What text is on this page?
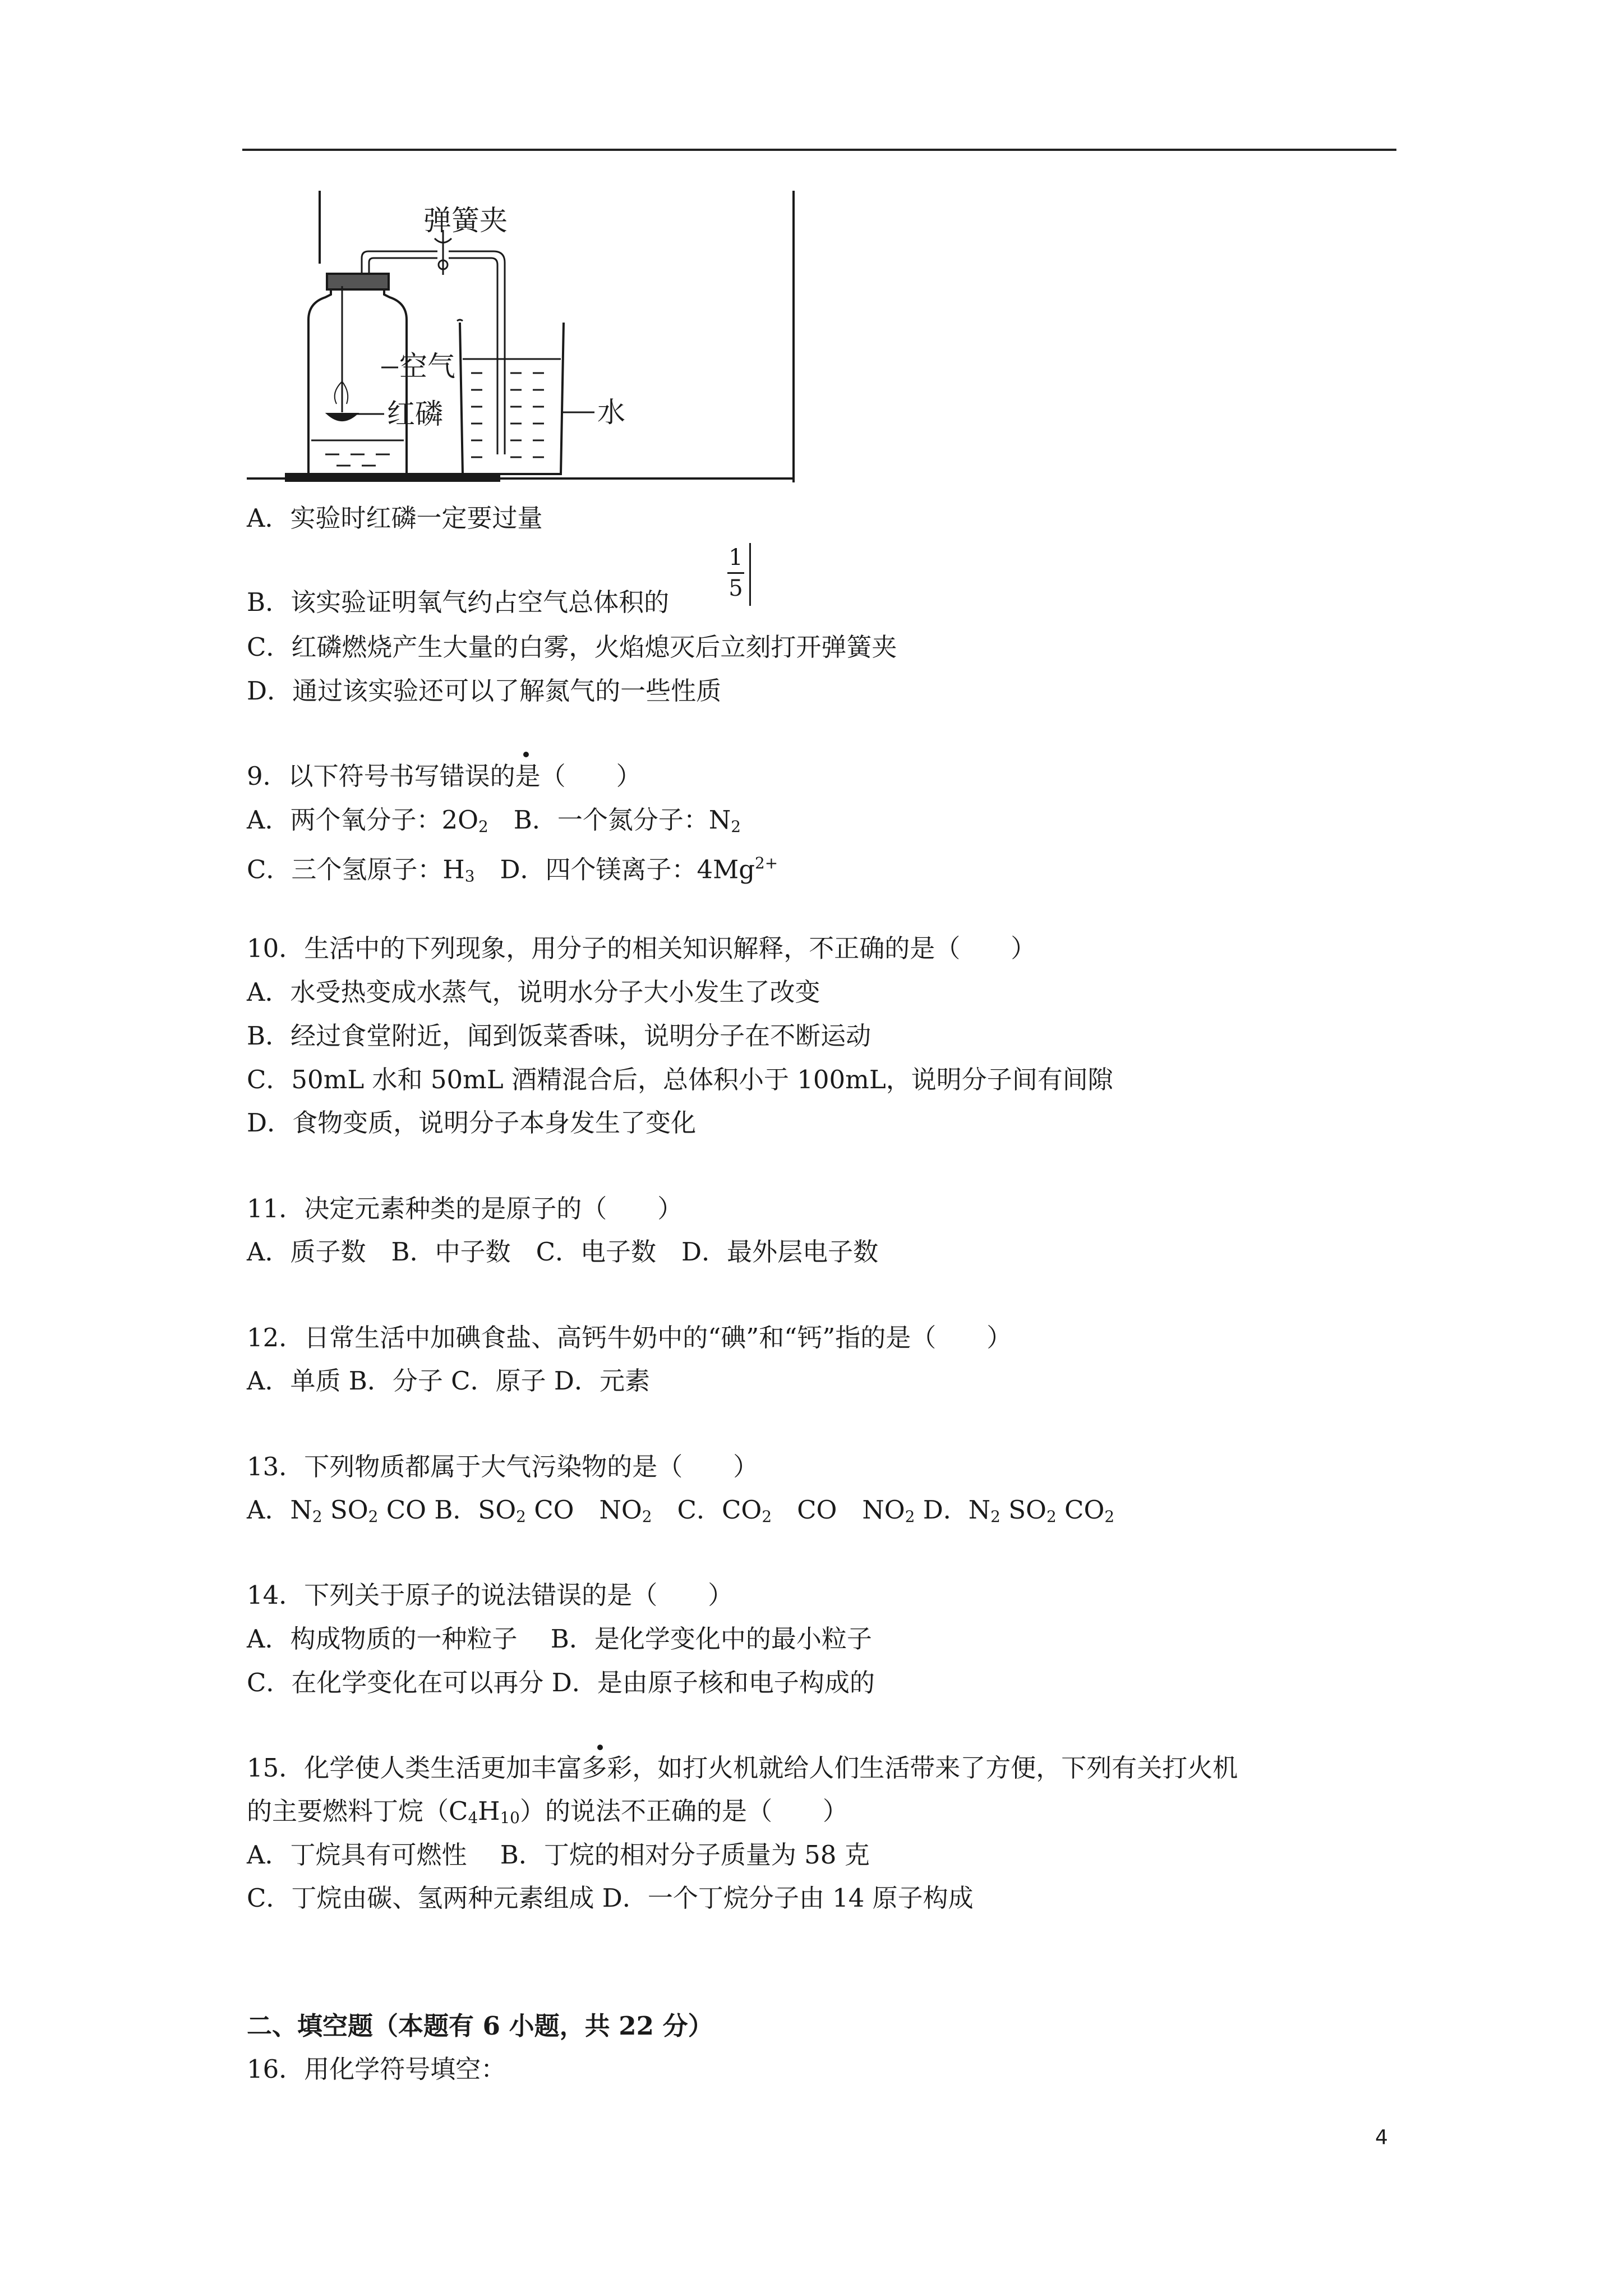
弹簧夹
空气
红磷	水
A．实验时红磷一定要过量
1
5
B．该实验证明氧气约占空气总体积的
C．红磷燃烧产生大量的白雾，火焰熄灭后立刻打开弹簧夹
D．通过该实验还可以了解氮气的一些性质
9．以下符号书写错误的是（　　）
A．两个氧分子：$2O_2$　B．一个氮分子：$N_2$
C．三个氢原子：$H_3$　D．四个镁离子：$4Mg^{2+}$
10．生活中的下列现象，用分子的相关知识解释，不正确的是（　　）
A．水受热变成水蒸气，说明水分子大小发生了改变
B．经过食堂附近，闻到饭菜香味，说明分子在不断运动
C．50mL 水和 50mL 酒精混合后，总体积小于 100mL，说明分子间有间隙
D．食物变质，说明分子本身发生了变化
11．决定元素种类的是原子的（　　）
A．质子数　B．中子数　C．电子数　D．最外层电子数
12．日常生活中加碘食盐、高钙牛奶中的“碘”和“钙”指的是（　　）
A．单质 B．分子 C．原子 D．元素
13．下列物质都属于大气污染物的是（　　）
A．$N_2$ $SO_2$ CO B．$SO_2$ CO　$NO_2$　C．$CO_2$　CO　$NO_2$ D．$N_2$ $SO_2$ $CO_2$
14．下列关于原子的说法错误的是（　　）
A．构成物质的一种粒子　 B．是化学变化中的最小粒子
C．在化学变化在可以再分 D．是由原子核和电子构成的
15．化学使人类生活更加丰富多彩，如打火机就给人们生活带来了方便，下列有关打火机
的主要燃料丁烷$(C_4H_{10})$的说法不正确的是（　　）
A．丁烷具有可燃性　 B．丁烷的相对分子质量为 58 克
C．丁烷由碳、氢两种元素组成 D．一个丁烷分子由 14 原子构成
二、填空题（本题有 6 小题，共 22 分）
16．用化学符号填空：
4
